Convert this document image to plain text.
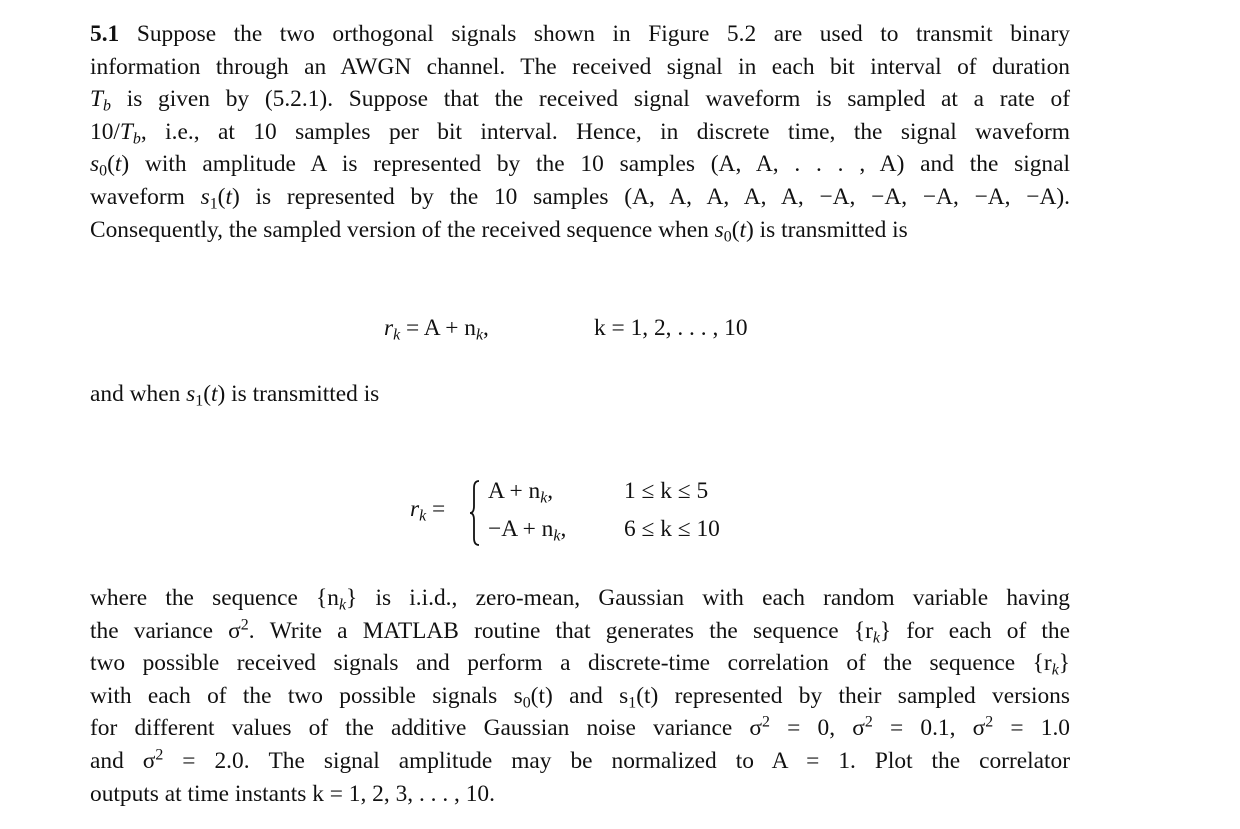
5.1 Suppose the two orthogonal signals shown in Figure 5.2 are used to transmit binary
information through an AWGN channel. The received signal in each bit interval of duration
$T_b$ is given by (5.2.1). Suppose that the received signal waveform is sampled at a rate of
$10/T_b$, i.e., at 10 samples per bit interval. Hence, in discrete time, the signal waveform
$s_0(t)$ with amplitude A is represented by the 10 samples (A, A, . . . , A) and the signal
waveform $s_1(t)$ is represented by the 10 samples (A, A, A, A, A, −A, −A, −A, −A, −A).
Consequently, the sampled version of the received sequence when $s_0(t)$ is transmitted is
$r_k = A + n_k$,	k = 1, 2, . . . , 10
and when $s_1(t)$ is transmitted is
$r_k$ =
$A + n_k$,	1 ≤ k ≤ 5
$-A + n_k$, 6 ≤ k ≤ 10
where the sequence $\{n_k\}$ is i.i.d., zero-mean, Gaussian with each random variable having
the variance $\sigma^2$. Write a MATLAB routine that generates the sequence $\{r_k\}$ for each of the
two possible received signals and perform a discrete-time correlation of the sequence $\{r_k\}$
with each of the two possible signals $s_0(t)$ and $s_1(t)$ represented by their sampled versions
for different values of the additive Gaussian noise variance $\sigma^2 = 0$, $\sigma^2 = 0.1$, $\sigma^2 = 1.0$
and $\sigma^2 = 2.0$. The signal amplitude may be normalized to A = 1. Plot the correlator
outputs at time instants k = 1, 2, 3, . . . , 10.
